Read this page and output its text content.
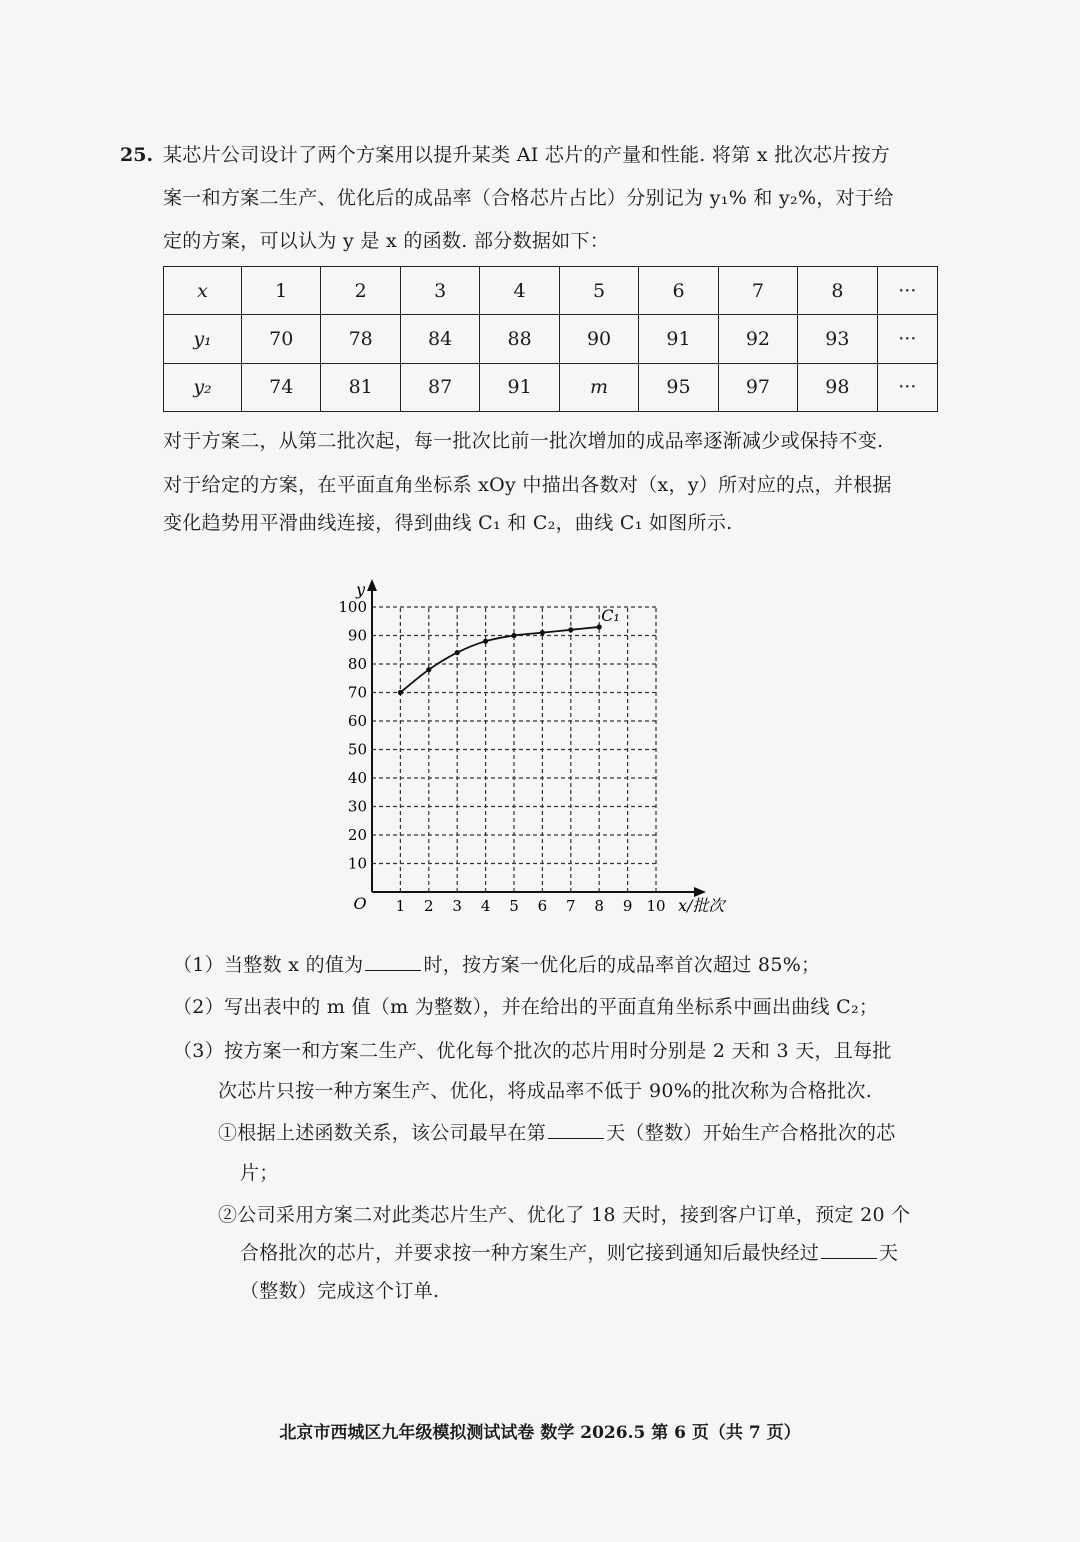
25. 某芯片公司设计了两个方案用以提升某类 AI 芯片的产量和性能. 将第 x 批次芯片按方
案一和方案二生产、优化后的成品率（合格芯片占比）分别记为 y₁% 和 y₂%，对于给
定的方案，可以认为 y 是 x 的函数. 部分数据如下：
x	1	2	3	4	5	6	7	8	···
y₁	70	78	84	88	90	91	92	93	···
y₂	74	81	87	91	m	95	97	98	···
对于方案二，从第二批次起，每一批次比前一批次增加的成品率逐渐减少或保持不变.
对于给定的方案，在平面直角坐标系 xOy 中描出各数对（x，y）所对应的点，并根据
变化趋势用平滑曲线连接，得到曲线 C₁ 和 C₂，曲线 C₁ 如图所示.
1 2 3 4 5 6 7 8 9 10
10
20
30
40
50
60
70
80
90
100
O	x/批次
y
C₁
（1）当整数 x 的值为	时，按方案一优化后的成品率首次超过 85%；
（2）写出表中的 m 值（m 为整数），并在给出的平面直角坐标系中画出曲线 C₂；
（3）按方案一和方案二生产、优化每个批次的芯片用时分别是 2 天和 3 天，且每批
次芯片只按一种方案生产、优化，将成品率不低于 90%的批次称为合格批次.
①根据上述函数关系，该公司最早在第	天（整数）开始生产合格批次的芯
片；
②公司采用方案二对此类芯片生产、优化了 18 天时，接到客户订单，预定 20 个
合格批次的芯片，并要求按一种方案生产，则它接到通知后最快经过	天
（整数）完成这个订单.
北京市西城区九年级模拟测试试卷 数学 2026.5 第 6 页（共 7 页）
